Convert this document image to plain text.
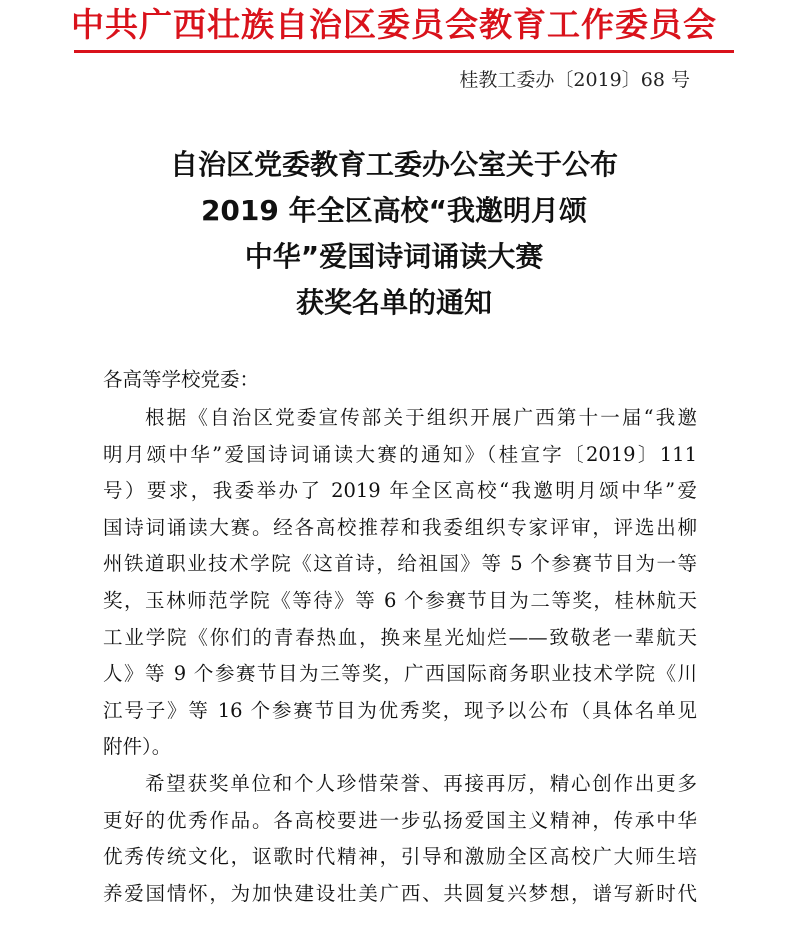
中共广西壮族自治区委员会教育工作委员会
桂教工委办〔2019〕68 号
自治区党委教育工委办公室关于公布
2019 年全区高校“我邀明月颂
中华”爱国诗词诵读大赛
获奖名单的通知
各高等学校党委：
根据《自治区党委宣传部关于组织开展广西第十一届“我邀
明月颂中华”爱国诗词诵读大赛的通知》（桂宣字〔2019〕111
号）要求，我委举办了 2019 年全区高校“我邀明月颂中华”爱
国诗词诵读大赛。经各高校推荐和我委组织专家评审，评选出柳
州铁道职业技术学院《这首诗，给祖国》等 5 个参赛节目为一等
奖，玉林师范学院《等待》等 6 个参赛节目为二等奖，桂林航天
工业学院《你们的青春热血，换来星光灿烂——致敬老一辈航天
人》等 9 个参赛节目为三等奖，广西国际商务职业技术学院《川
江号子》等 16 个参赛节目为优秀奖，现予以公布（具体名单见
附件）。
希望获奖单位和个人珍惜荣誉、再接再厉，精心创作出更多
更好的优秀作品。各高校要进一步弘扬爱国主义精神，传承中华
优秀传统文化，讴歌时代精神，引导和激励全区高校广大师生培
养爱国情怀，为加快建设壮美广西、共圆复兴梦想，谱写新时代
